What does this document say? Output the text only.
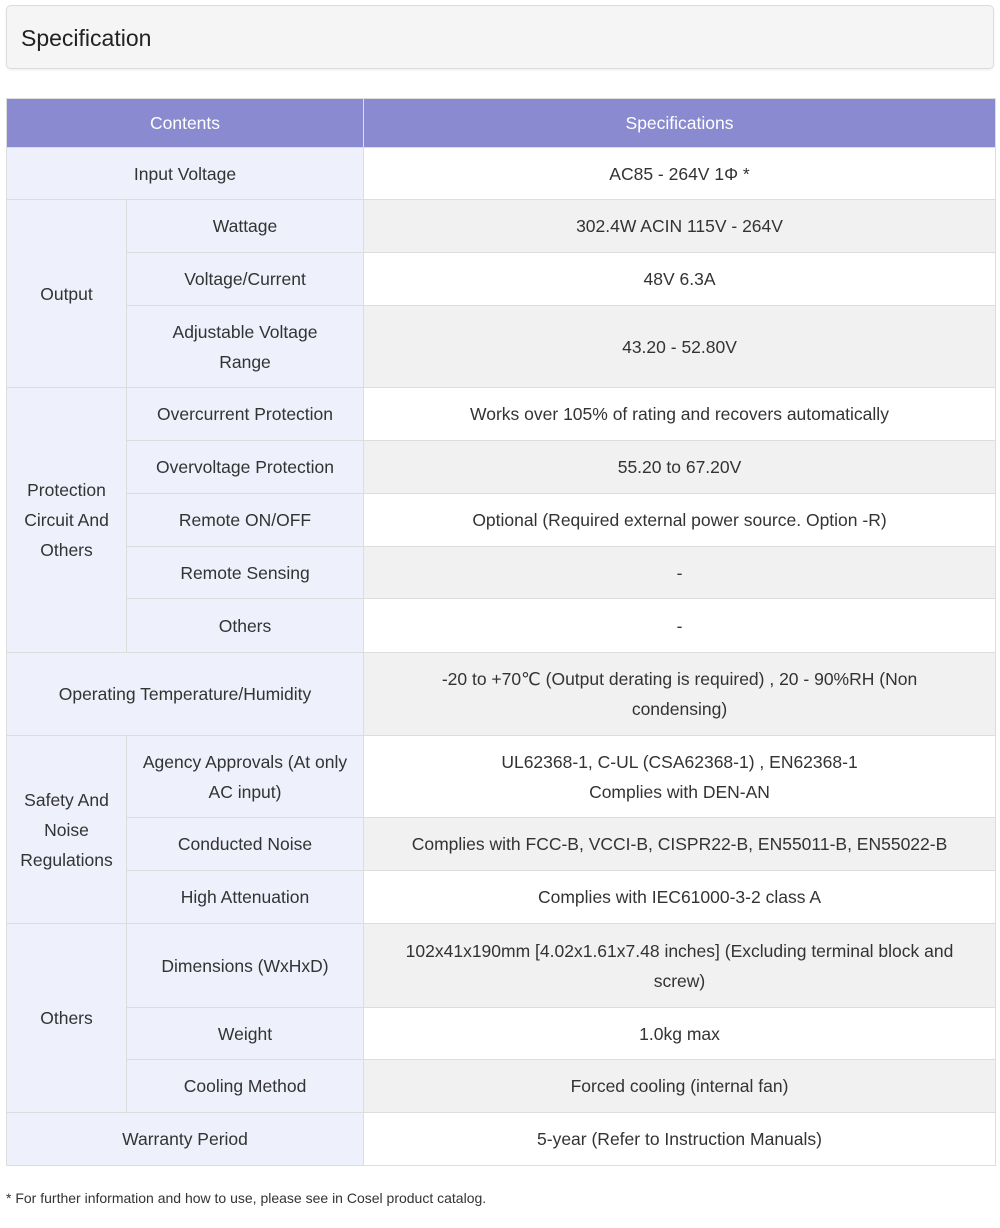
Specification
Contents		Specifications
Input Voltage		AC85 - 264V 1Φ *
Output	Wattage	302.4W ACIN 115V - 264V
	Voltage/Current	48V 6.3A
	Adjustable Voltage Range	43.20 - 52.80V
Protection Circuit And Others	Overcurrent Protection	Works over 105% of rating and recovers automatically
	Overvoltage Protection	55.20 to 67.20V
	Remote ON/OFF	Optional (Required external power source. Option -R)
	Remote Sensing	-
	Others	-
Operating Temperature/Humidity		-20 to +70℃ (Output derating is required) , 20 - 90%RH (Non condensing)
Safety And Noise Regulations	Agency Approvals (At only AC input)	UL62368-1, C-UL (CSA62368-1) , EN62368-1
Complies with DEN-AN

	Conducted Noise	Complies with FCC-B, VCCI-B, CISPR22-B, EN55011-B, EN55022-B
	High Attenuation	Complies with IEC61000-3-2 class A
Others	Dimensions (WxHxD)	102x41x190mm [4.02x1.61x7.48 inches] (Excluding terminal block and screw)
	Weight	1.0kg max
	Cooling Method	Forced cooling (internal fan)
Warranty Period		5-year (Refer to Instruction Manuals)
* For further information and how to use, please see in Cosel product catalog.
